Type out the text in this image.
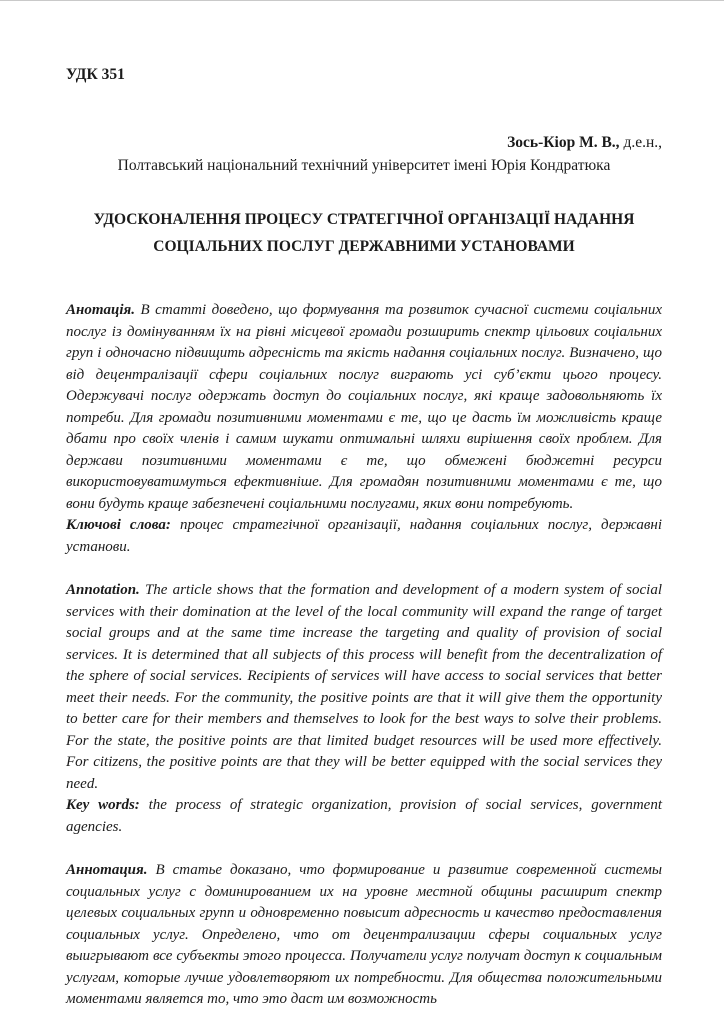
УДК 351

Зось-Кіор М. В., д.е.н.,

Полтавський національний технічний університет імені Юрія Кондратюка

УДОСКОНАЛЕННЯ ПРОЦЕСУ СТРАТЕГІЧНОЇ ОРГАНІЗАЦІЇ НАДАННЯ
СОЦІАЛЬНИХ ПОСЛУГ ДЕРЖАВНИМИ УСТАНОВАМИ

Анотація. В статті доведено, що формування та розвиток сучасної системи соціальних послуг із домінуванням їх на рівні місцевої громади розширить спектр цільових соціальних груп і одночасно підвищить адресність та якість надання соціальних послуг. Визначено, що від децентралізації сфери соціальних послуг виграють усі суб’єкти цього процесу. Одержувачі послуг одержать доступ до соціальних послуг, які краще задовольняють їх потреби. Для громади позитивними моментами є те, що це дасть їм можливість краще дбати про своїх членів і самим шукати оптимальні шляхи вирішення своїх проблем. Для держави позитивними моментами є те, що обмежені бюджетні ресурси використовуватимуться ефективніше. Для громадян позитивними моментами є те, що вони будуть краще забезпечені соціальними послугами, яких вони потребують.

Ключові слова: процес стратегічної організації, надання соціальних послуг, державні установи.

Annotation. The article shows that the formation and development of a modern system of social services with their domination at the level of the local community will expand the range of target social groups and at the same time increase the targeting and quality of provision of social services. It is determined that all subjects of this process will benefit from the decentralization of the sphere of social services. Recipients of services will have access to social services that better meet their needs. For the community, the positive points are that it will give them the opportunity to better care for their members and themselves to look for the best ways to solve their problems. For the state, the positive points are that limited budget resources will be used more effectively. For citizens, the positive points are that they will be better equipped with the social services they need.

Key words: the process of strategic organization, provision of social services, government agencies.

Аннотация. В статье доказано, что формирование и развитие современной системы социальных услуг с доминированием их на уровне местной общины расширит спектр целевых социальных групп и одновременно повысит адресность и качество предоставления социальных услуг. Определено, что от децентрализации сферы социальных услуг выигрывают все субъекты этого процесса. Получатели услуг получат доступ к социальным услугам, которые лучше удовлетворяют их потребности. Для общества положительными моментами является то, что это даст им возможность
